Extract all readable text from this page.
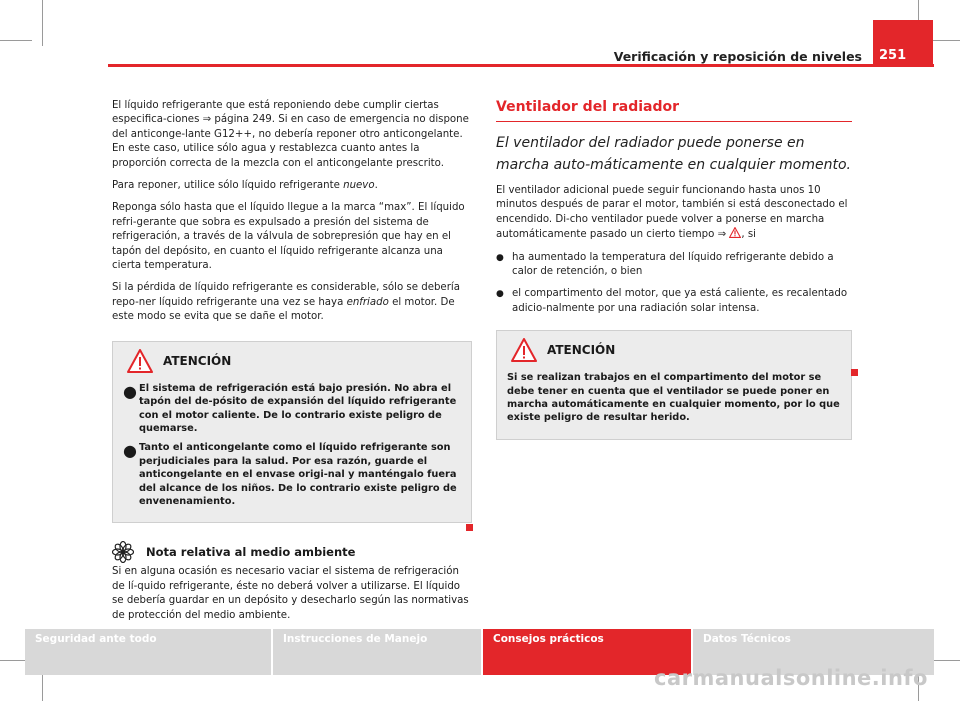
Verificación y reposición de niveles	251

El líquido refrigerante que está reponiendo debe cumplir ciertas especifica-ciones ⇒ página 249. Si en caso de emergencia no dispone del anticonge-lante G12++, no debería reponer otro anticongelante. En este caso, utilice sólo agua y restablezca cuanto antes la proporción correcta de la mezcla con el anticongelante prescrito.

Para reponer, utilice sólo líquido refrigerante nuevo.

Reponga sólo hasta que el líquido llegue a la marca “max”. El líquido refri-gerante que sobra es expulsado a presión del sistema de refrigeración, a través de la válvula de sobrepresión que hay en el tapón del depósito, en cuanto el líquido refrigerante alcanza una cierta temperatura.

Si la pérdida de líquido refrigerante es considerable, sólo se debería repo-ner líquido refrigerante una vez se haya enfriado el motor. De este modo se evita que se dañe el motor.

ATENCIÓN
● El sistema de refrigeración está bajo presión. No abra el tapón del de-pósito de expansión del líquido refrigerante con el motor caliente. De lo contrario existe peligro de quemarse.

● Tanto el anticongelante como el líquido refrigerante son perjudiciales para la salud. Por esa razón, guarde el anticongelante en el envase origi-nal y manténgalo fuera del alcance de los niños. De lo contrario existe peligro de envenenamiento.

Nota relativa al medio ambiente

Si en alguna ocasión es necesario vaciar el sistema de refrigeración de lí-quido refrigerante, éste no deberá volver a utilizarse. El líquido se debería guardar en un depósito y desecharlo según las normativas de protección del medio ambiente.

Ventilador del radiador
El ventilador del radiador puede ponerse en marcha auto-máticamente en cualquier momento.

El ventilador adicional puede seguir funcionando hasta unos 10 minutos después de parar el motor, también si está desconectado el encendido. Di-cho ventilador puede volver a ponerse en marcha automáticamente pasado un cierto tiempo ⇒ , si

● ha aumentado la temperatura del líquido refrigerante debido a calor de retención, o bien

● el compartimento del motor, que ya está caliente, es recalentado adicio-nalmente por una radiación solar intensa.

ATENCIÓN

Si se realizan trabajos en el compartimento del motor se debe tener en cuenta que el ventilador se puede poner en marcha automáticamente en cualquier momento, por lo que existe peligro de resultar herido.

Seguridad ante todo	Instrucciones de Manejo	Consejos prácticos	Datos Técnicos
carmanualsonline.info
